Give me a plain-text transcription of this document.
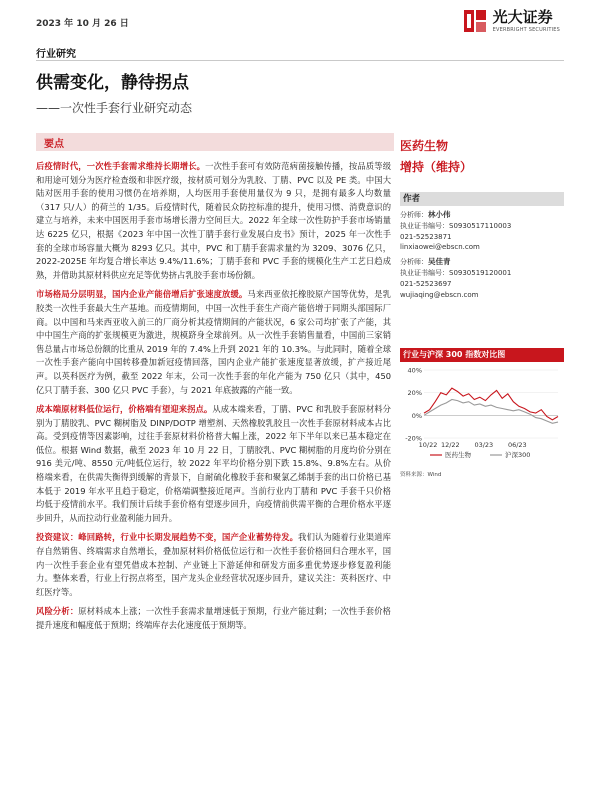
2023 年 10 月 26 日	光大证券
EVERBRIGHT SECURITIES
行业研究
供需变化，静待拐点
——一次性手套行业研究动态
要点

后疫情时代，一次性手套需求维持长期增长。一次性手套可有效防范病菌接触传播，按品质等级和用途可划分为医疗检查级和非医疗级，按材质可划分为乳胶、丁腈、PVC 以及 PE 类。中国大陆对医用手套的使用习惯仍在培养期，人均医用手套使用量仅为 9 只，是拥有最多人均数量（317 只/人）的荷兰的 1/35。后疫情时代，随着民众防控标准的提升，使用习惯、消费意识的建立与培养，未来中国医用手套市场增长潜力空间巨大。2022 年全球一次性防护手套市场销量达 6225 亿只，根据《2023 年中国一次性丁腈手套行业发展白皮书》预计，2025 年一次性手套的全球市场容量大概为 8293 亿只。其中，PVC 和丁腈手套需求量约为 3209、3076 亿只，2022-2025E 年均复合增长率达 9.4%/11.6%；丁腈手套和 PVC 手套的规模化生产工艺日趋成熟，并借助其原材料供应充足等优势挤占乳胶手套市场份额。

市场格局分层明显，国内企业产能倍增后扩张速度放缓。马来西亚依托橡胶原产国等优势，是乳胶类一次性手套最大生产基地。而疫情期间，中国一次性手套生产商产能倍增于同期头部国际厂商。以中国和马来西亚收入前三的厂商分析其疫情期间的产能状况，6 家公司均扩张了产能，其中中国生产商的扩张规模更为激进，规模跻身全球前列。从一次性手套销售量看，中国前三家销售总量占市场总份额的比重从 2019 年的 7.4%上升到 2021 年的 10.3%。与此同时，随着全球一次性手套产能向中国转移叠加新冠疫情回落，国内企业产能扩张速度显著放缓，扩产接近尾声。以英科医疗为例，截至 2022 年末，公司一次性手套的年化产能为 750 亿只（其中，450 亿只丁腈手套、300 亿只 PVC 手套），与 2021 年底披露的产能一致。

成本端原材料低位运行，价格端有望迎来拐点。从成本端来看，丁腈、PVC 和乳胶手套原材料分别为丁腈胶乳、PVC 糊树脂及 DINP/DOTP 增塑剂、天然橡胶乳胶且一次性手套原材料成本占比高。受到疫情等因素影响，过往手套原材料价格普大幅上涨，2022 年下半年以来已基本稳定在低位。根据 Wind 数据，截至 2023 年 10 月 22 日，丁腈胶乳、PVC 糊树脂的月度均价分别在 916 美元/吨、8550 元/吨低位运行，较 2022 年平均价格分别下跌 15.8%、9.8%左右。从价格端来看，在供需失衡得到缓解的背景下，自耐硫化橡胶手套和聚氯乙烯制手套的出口价格已基本低于 2019 年水平且趋于稳定，价格端调整接近尾声。当前行业内丁腈和 PVC 手套千只价格均低于疫情前水平。我们预计后续手套价格有望逐步回升，向疫情前供需平衡的合理价格水平逐步回升，从而拉动行业盈利能力回升。

投资建议：峰回路转，行业中长期发展趋势不变，国产企业蓄势待发。我们认为随着行业渠道库存自然销售、终端需求自然增长，叠加原材料价格低位运行和一次性手套价格回归合理水平，国内一次性手套企业有望凭借成本控制、产业链上下游延伸和研发方面多重优势逐步修复盈利能力。整体来看，行业上行拐点将至，国产龙头企业经营状况逐步回升，建议关注：英科医疗、中红医疗等。

风险分析：原材料成本上涨；一次性手套需求量增速低于预期，行业产能过剩；一次性手套价格提升速度和幅度低于预期；终端库存去化速度低于预期等。

医药生物
增持（维持）
作者
分析师：林小伟
执业证书编号：S0930517110003
021-52523871
linxiaowei@ebscn.com
分析师：吴佳青
执业证书编号：S0930519120001
021-52523697
wujiaqing@ebscn.com
行业与沪深 300 指数对比图
40%
20%
0%
-20%
10/22 12/22 03/23 06/23
医药生物	沪深300
资料来源：Wind
